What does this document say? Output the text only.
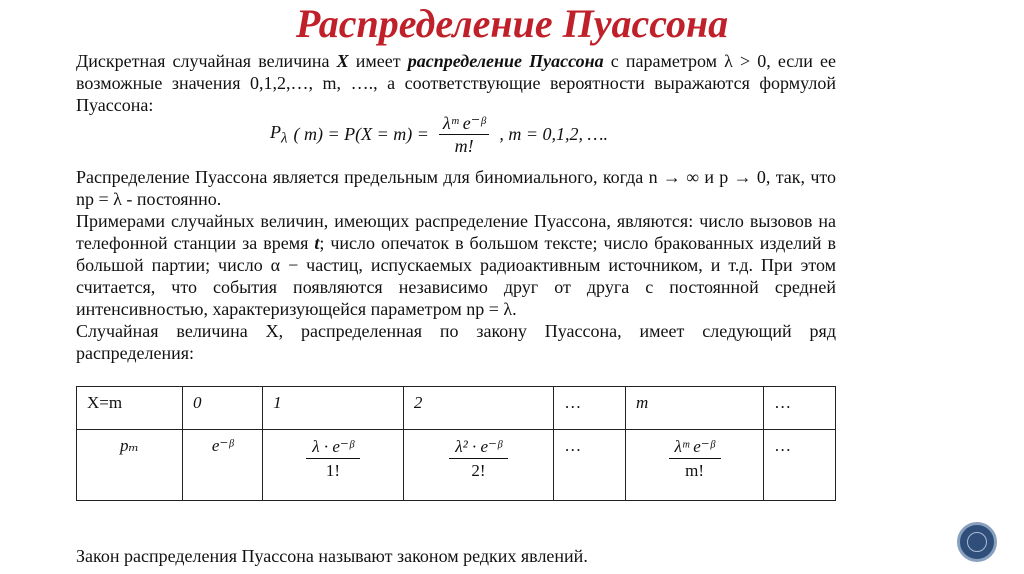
Распределение Пуассона

Дискретная случайная величина X имеет распределение Пуассона с параметром λ > 0, если ее возможные значения 0,1,2,…, m, …., а соответствующие вероятности выражаются формулой Пуассона:

$P_\lambda$ ( $m) = P(X = m) = \frac{\text{λᵐ e⁻ᵝ}}{m!}$ , m = 0,1,2, ….

Распределение Пуассона является предельным для биномиального, когда n → ∞ и p → 0, так, что np = λ - постоянно.

Примерами случайных величин, имеющих распределение Пуассона, являются: число вызовов на телефонной станции за время t; число опечаток в большом тексте; число бракованных изделий в большой партии; число α − частиц, испускаемых радиоактивным источником, и т.д. При этом считается, что события появляются независимо друг от друга с постоянной средней интенсивностью, характеризующейся параметром np = λ.

Случайная величина X, распределенная по закону Пуассона, имеет следующий ряд распределения:

X=m	0	1	2	…	m	…
pₘ	e⁻ᵝ	$\frac{\text{λ · e⁻ᵝ}}{1!}$	$\frac{\text{λ² · e⁻ᵝ}}{2!}$	…	$\frac{\text{λᵐ e⁻ᵝ}}{m!}$	…

Закон распределения Пуассона называют законом редких явлений.
